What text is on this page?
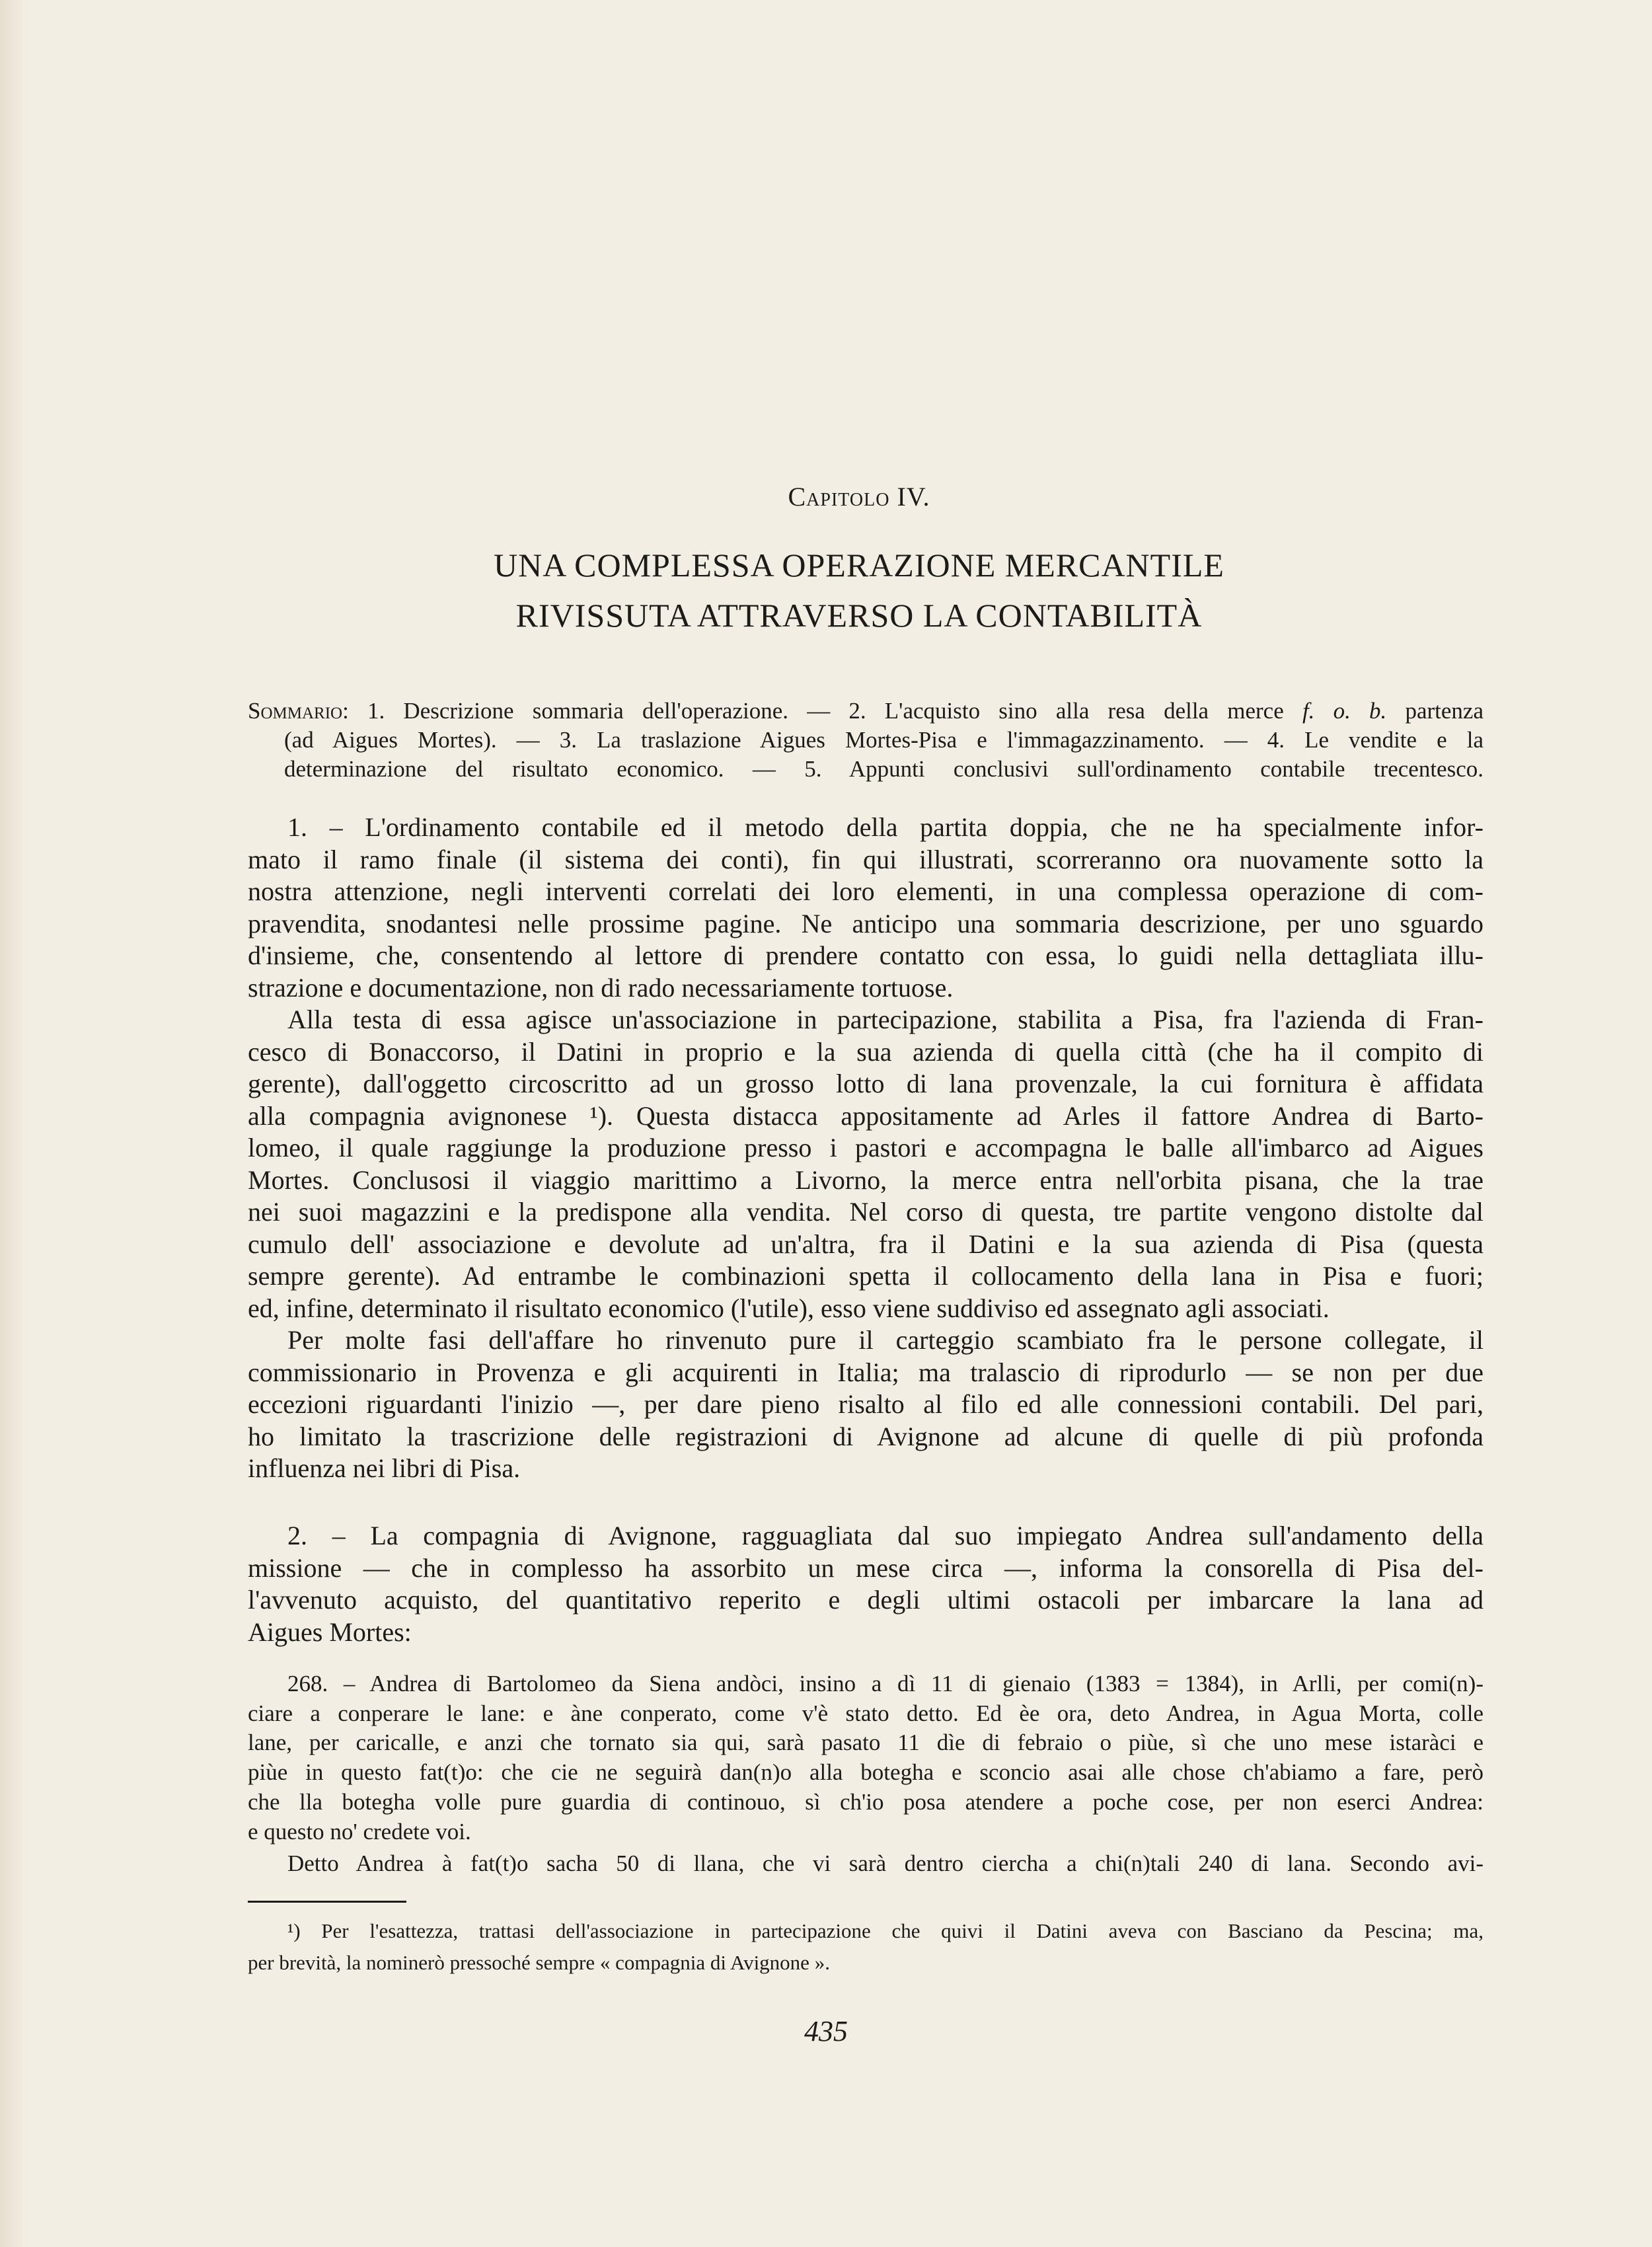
Capitolo IV.
UNA COMPLESSA OPERAZIONE MERCANTILE
RIVISSUTA ATTRAVERSO LA CONTABILITÀ
Sommario: 1. Descrizione sommaria dell'operazione. — 2. L'acquisto sino alla resa della merce f. o. b. partenza
(ad Aigues Mortes). — 3. La traslazione Aigues Mortes-Pisa e l'immagazzinamento. — 4. Le vendite e la
determinazione del risultato economico. — 5. Appunti conclusivi sull'ordinamento contabile trecentesco.
1. – L'ordinamento contabile ed il metodo della partita doppia, che ne ha specialmente infor-
mato il ramo finale (il sistema dei conti), fin qui illustrati, scorreranno ora nuovamente sotto la
nostra attenzione, negli interventi correlati dei loro elementi, in una complessa operazione di com-
pravendita, snodantesi nelle prossime pagine. Ne anticipo una sommaria descrizione, per uno sguardo
d'insieme, che, consentendo al lettore di prendere contatto con essa, lo guidi nella dettagliata illu-
strazione e documentazione, non di rado necessariamente tortuose.
Alla testa di essa agisce un'associazione in partecipazione, stabilita a Pisa, fra l'azienda di Fran-
cesco di Bonaccorso, il Datini in proprio e la sua azienda di quella città (che ha il compito di
gerente), dall'oggetto circoscritto ad un grosso lotto di lana provenzale, la cui fornitura è affidata
alla compagnia avignonese ¹). Questa distacca appositamente ad Arles il fattore Andrea di Barto-
lomeo, il quale raggiunge la produzione presso i pastori e accompagna le balle all'imbarco ad Aigues
Mortes. Conclusosi il viaggio marittimo a Livorno, la merce entra nell'orbita pisana, che la trae
nei suoi magazzini e la predispone alla vendita. Nel corso di questa, tre partite vengono distolte dal
cumulo dell' associazione e devolute ad un'altra, fra il Datini e la sua azienda di Pisa (questa
sempre gerente). Ad entrambe le combinazioni spetta il collocamento della lana in Pisa e fuori;
ed, infine, determinato il risultato economico (l'utile), esso viene suddiviso ed assegnato agli associati.
Per molte fasi dell'affare ho rinvenuto pure il carteggio scambiato fra le persone collegate, il
commissionario in Provenza e gli acquirenti in Italia; ma tralascio di riprodurlo — se non per due
eccezioni riguardanti l'inizio —, per dare pieno risalto al filo ed alle connessioni contabili. Del pari,
ho limitato la trascrizione delle registrazioni di Avignone ad alcune di quelle di più profonda
influenza nei libri di Pisa.
2. – La compagnia di Avignone, ragguagliata dal suo impiegato Andrea sull'andamento della
missione — che in complesso ha assorbito un mese circa —, informa la consorella di Pisa del-
l'avvenuto acquisto, del quantitativo reperito e degli ultimi ostacoli per imbarcare la lana ad
Aigues Mortes:
268. – Andrea di Bartolomeo da Siena andòci, insino a dì 11 di gienaio (1383 = 1384), in Arlli, per comi(n)-
ciare a conperare le lane: e àne conperato, come v'è stato detto. Ed èe ora, deto Andrea, in Agua Morta, colle
lane, per caricalle, e anzi che tornato sia qui, sarà pasato 11 dìe di febraio o piùe, sì che uno mese istaràci e
piùe in questo fat(t)o: che cie ne seguirà dan(n)o alla botegha e sconcio asai alle chose ch'abiamo a fare, però
che lla botegha volle pure guardia di continouo, sì ch'io posa atendere a poche cose, per non eserci Andrea:
e questo no' credete voi.
Detto Andrea à fat(t)o sacha 50 di llana, che vi sarà dentro ciercha a chi(n)tali 240 di lana. Secondo avi-
¹) Per l'esattezza, trattasi dell'associazione in partecipazione che quivi il Datini aveva con Basciano da Pescina; ma,
per brevità, la nominerò pressoché sempre « compagnia di Avignone ».
435
